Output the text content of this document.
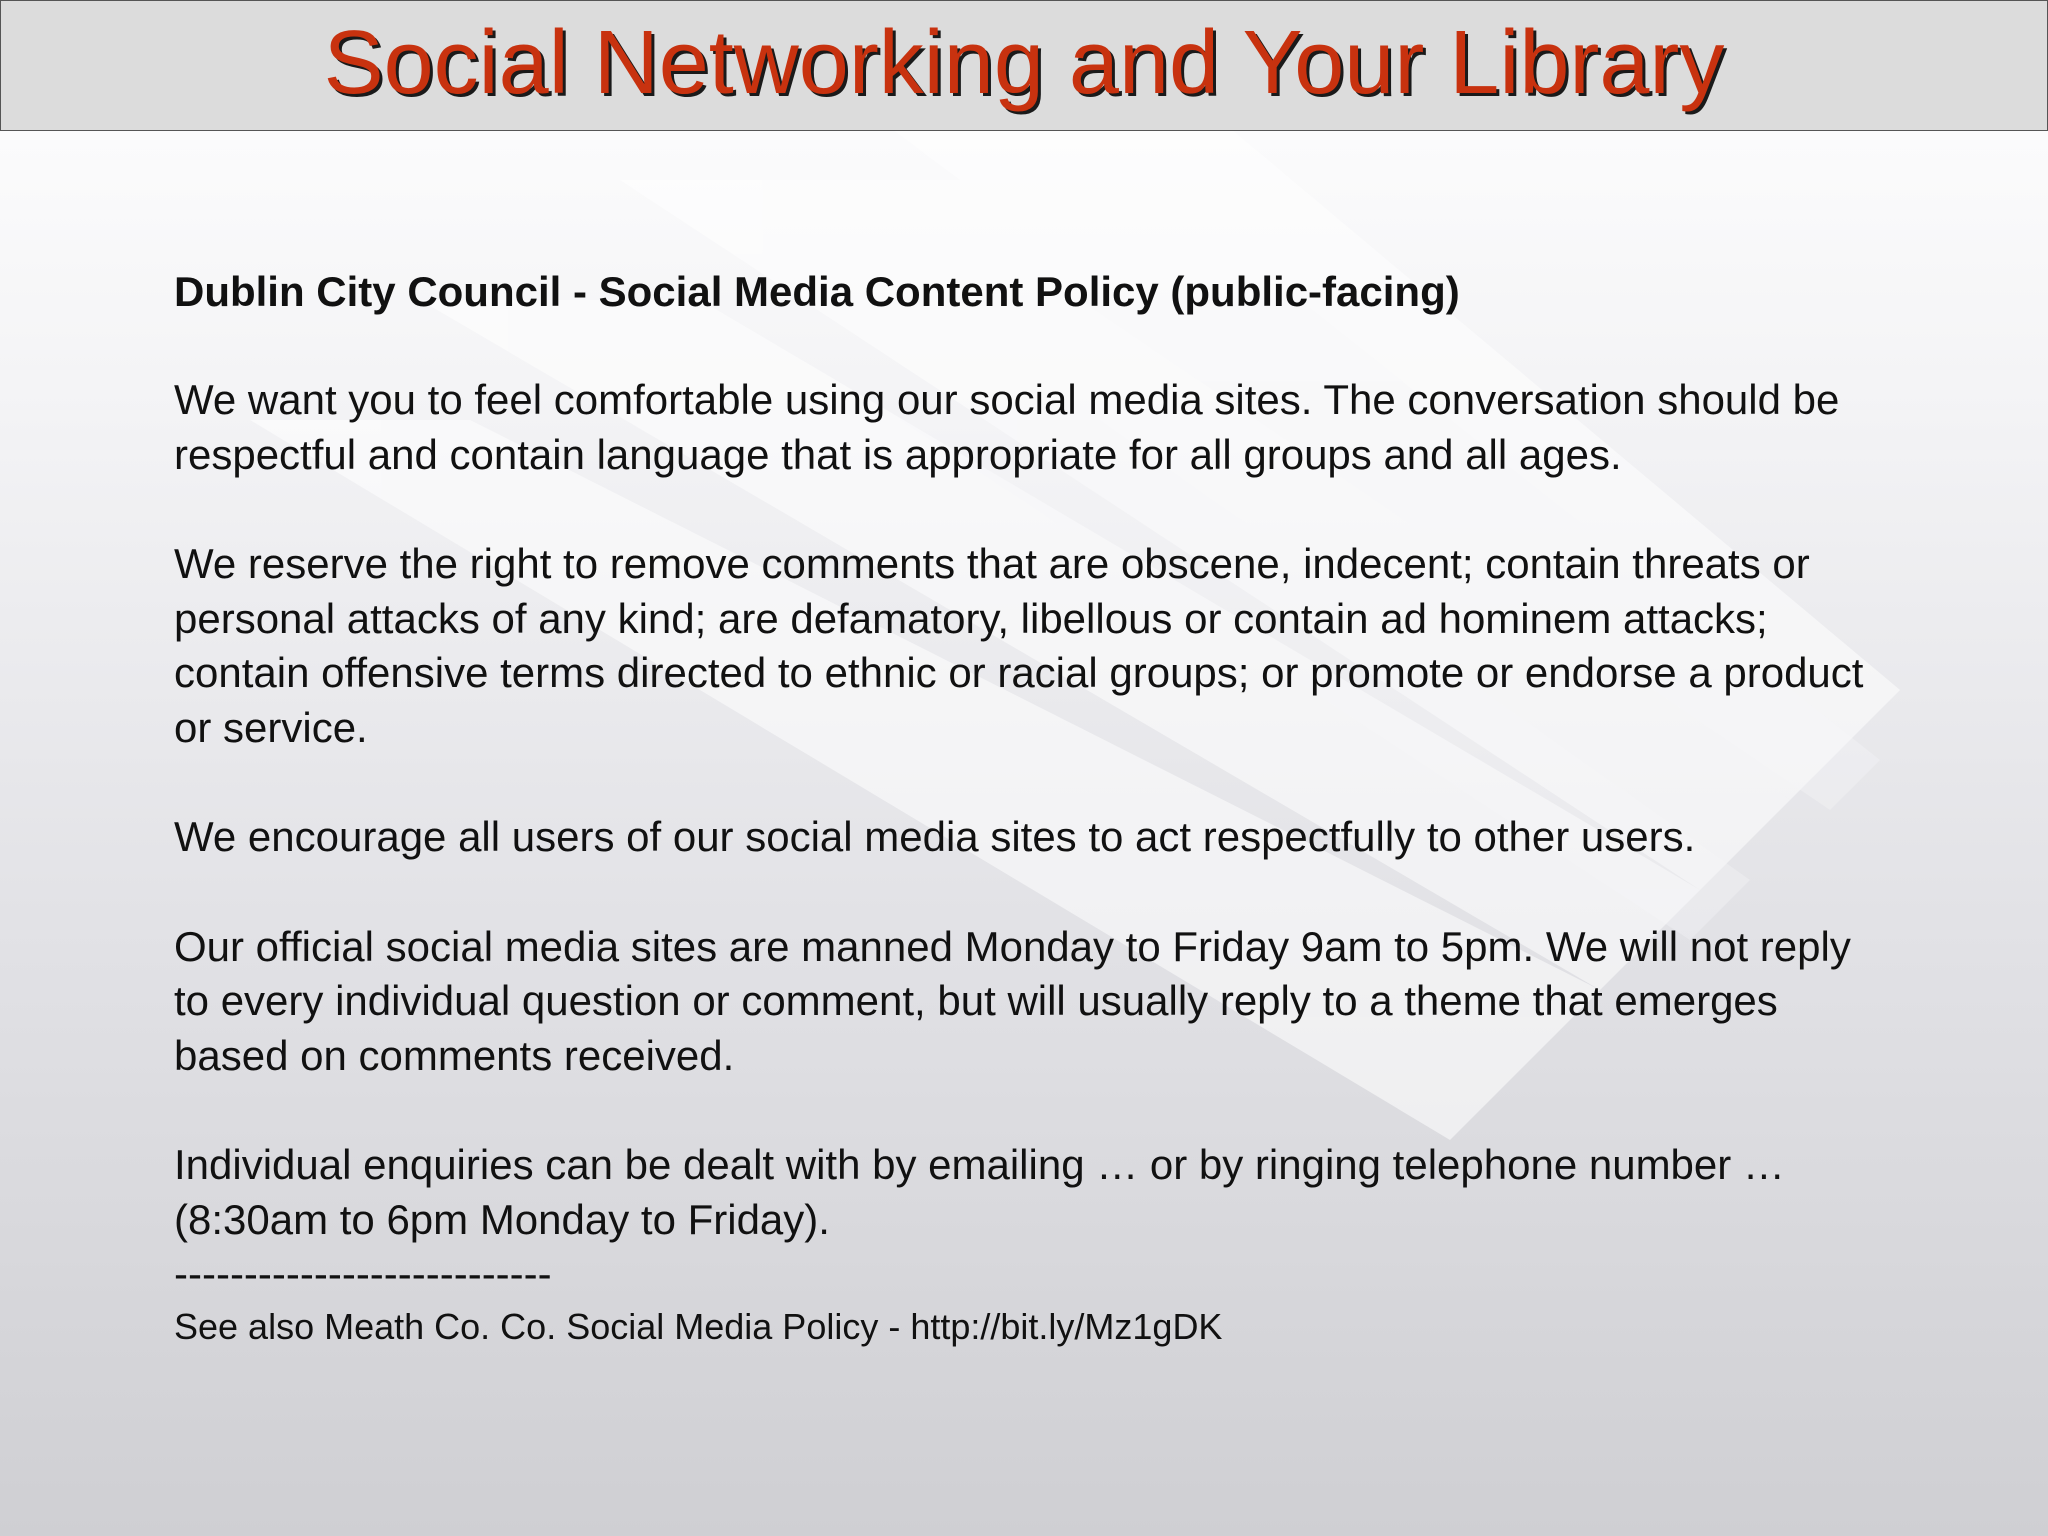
Social Networking and Your Library

Dublin City Council - Social Media Content Policy (public-facing)

We want you to feel comfortable using our social media sites. The conversation should be respectful and contain language that is appropriate for all groups and all ages.

We reserve the right to remove comments that are obscene, indecent; contain threats or personal attacks of any kind; are defamatory, libellous or contain ad hominem attacks; contain offensive terms directed to ethnic or racial groups; or promote or endorse a product or service.

We encourage all users of our social media sites to act respectfully to other users.

Our official social media sites are manned Monday to Friday 9am to 5pm. We will not reply to every individual question or comment, but will usually reply to a theme that emerges based on comments received.

Individual enquiries can be dealt with by emailing … or by ringing telephone number … (8:30am to 6pm Monday to Friday).

---------------------------

See also Meath Co. Co. Social Media Policy - http://bit.ly/Mz1gDK
